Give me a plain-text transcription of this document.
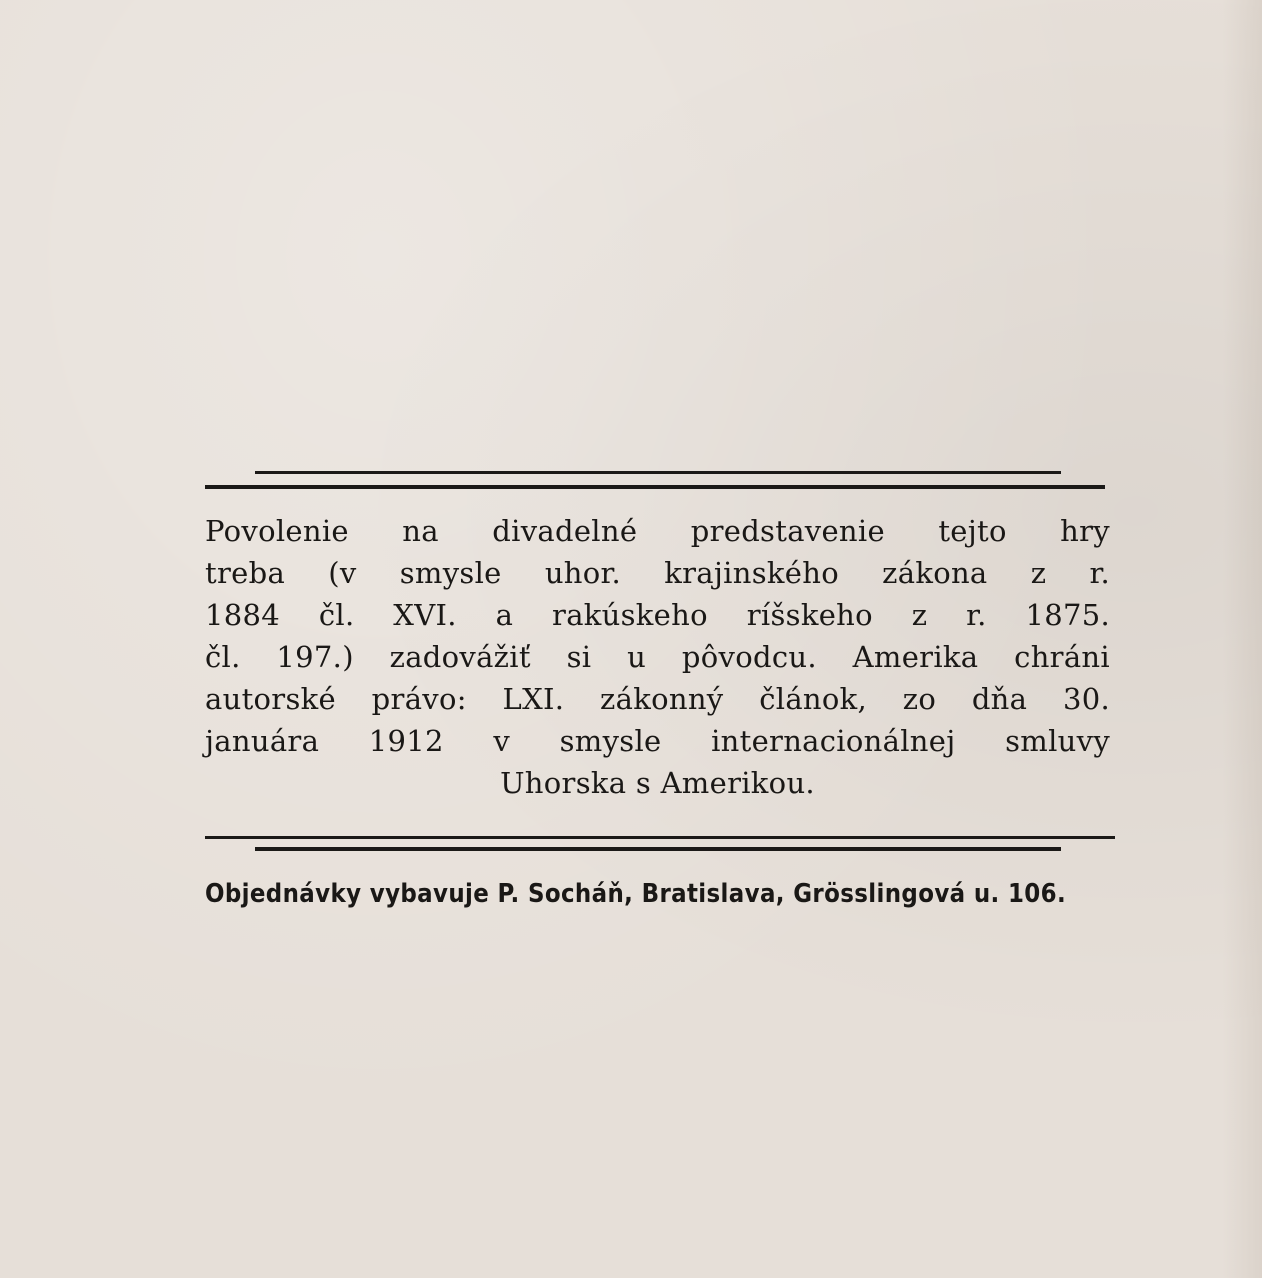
Povolenie na divadelné predstavenie tejto hry
treba (v smysle uhor. krajinského zákona z r.
1884 čl. XVI. a rakúskeho ríšskeho z r. 1875.
čl. 197.) zadovážiť si u pôvodcu. Amerika chráni
autorské právo: LXI. zákonný článok, zo dňa 30.
januára 1912 v smysle internacionálnej smluvy
Uhorska s Amerikou.
Objednávky vybavuje P. Socháň, Bratislava, Grösslingová u. 106.
